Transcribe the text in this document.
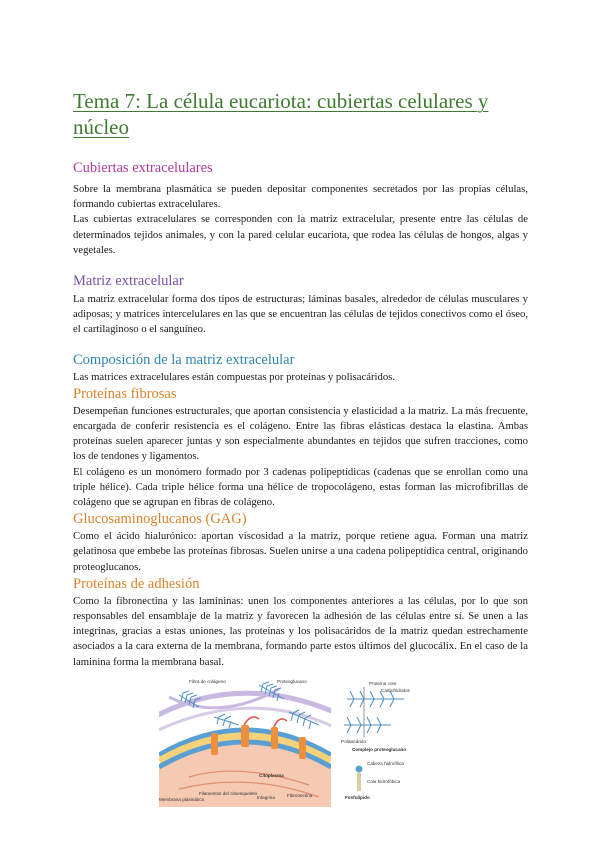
Tema 7: La célula eucariota: cubiertas celulares y núcleo
Cubiertas extracelulares

Sobre la membrana plasmática se pueden depositar componentes secretados por las propias células, formando cubiertas extracelulares.

Las cubiertas extracelulares se corresponden con la matriz extracelular, presente entre las células de determinados tejidos animales, y con la pared celular eucariota, que rodea las células de hongos, algas y vegetales.

Matriz extracelular

La matriz extracelular forma dos tipos de estructuras; láminas basales, alrededor de células musculares y adiposas; y matrices intercelulares en las que se encuentran las células de tejidos conectivos como el óseo, el cartilaginoso o el sanguíneo.

Composición de la matriz extracelular

Las matrices extracelulares están compuestas por proteínas y polisacáridos.

Proteínas fibrosas

Desempeñan funciones estructurales, que aportan consistencia y elasticidad a la matriz. La más frecuente, encargada de conferir resistencia es el colágeno. Entre las fibras elásticas destaca la elastina. Ambas proteínas suelen aparecer juntas y son especialmente abundantes en tejidos que sufren tracciones, como los de tendones y ligamentos.

El colágeno es un monómero formado por 3 cadenas polipeptídicas (cadenas que se enrollan como una triple hélice). Cada triple hélice forma una hélice de tropocolágeno, estas forman las microfibrillas de colágeno que se agrupan en fibras de colágeno.

Glucosaminoglucanos (GAG)

Como el ácido hialurónico: aportan viscosidad a la matriz, porque retiene agua. Forman una matriz gelatinosa que embebe las proteínas fibrosas. Suelen unirse a una cadena polipeptídica central, originando proteoglucanos.

Proteínas de adhesión

Como la fibronectina y las lamininas: unen los componentes anteriores a las células, por lo que son responsables del ensamblaje de la matriz y favorecen la adhesión de las células entre sí. Se unen a las integrinas, gracias a estas uniones, las proteínas y los polisacáridos de la matriz quedan estrechamente asociados a la cara externa de la membrana, formando parte estos últimos del glucocálix. En el caso de la laminina forma la membrana basal.

Fibra de colágeno	Proteoglucano	Proteína core
Carbohidratos
Polisacárido
Complejo proteoglucano
Cabeza hidrofílica
Cola hidrofóbica
Fosfolípido
Citoplasma
Membrana plasmática
Filamentos del citoesqueleto
Integrina	Fibronectina
